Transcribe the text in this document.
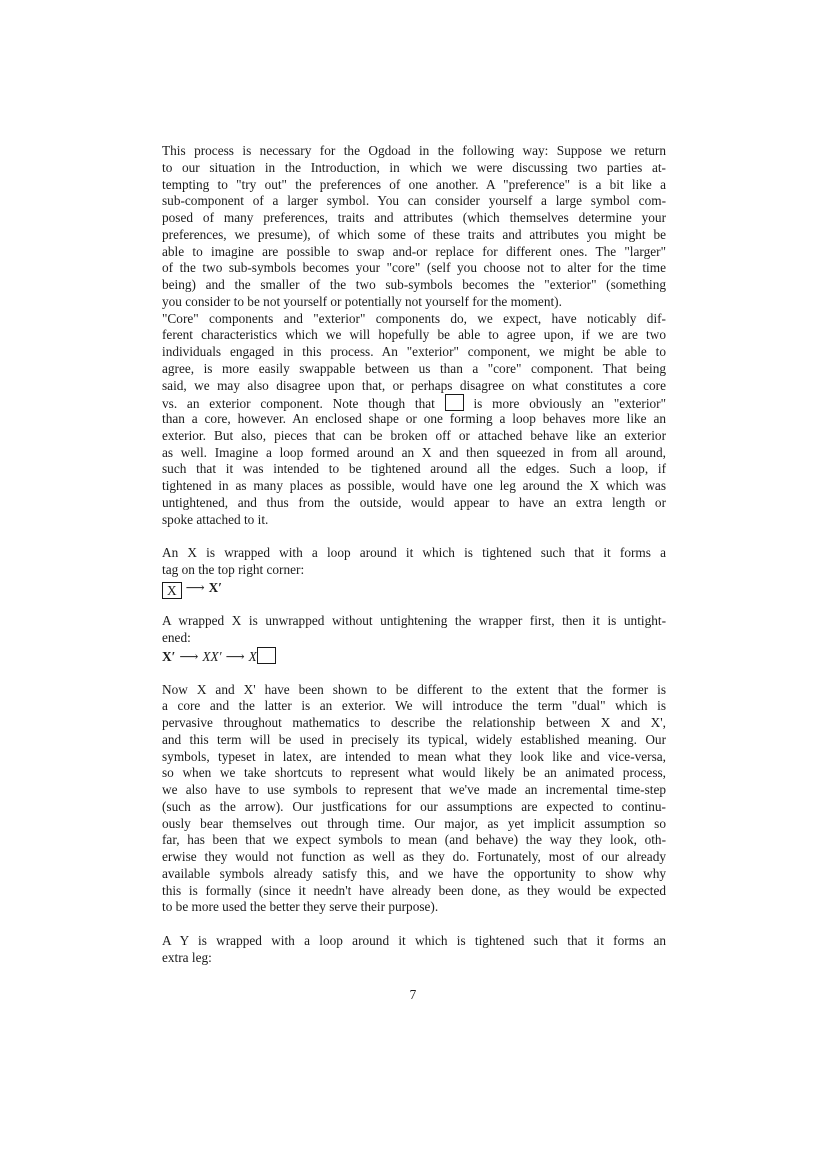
This process is necessary for the Ogdoad in the following way: Suppose we return
to our situation in the Introduction, in which we were discussing two parties at-
tempting to "try out" the preferences of one another. A "preference" is a bit like a
sub-component of a larger symbol. You can consider yourself a large symbol com-
posed of many preferences, traits and attributes (which themselves determine your
preferences, we presume), of which some of these traits and attributes you might be
able to imagine are possible to swap and-or replace for different ones. The "larger"
of the two sub-symbols becomes your "core" (self you choose not to alter for the time
being) and the smaller of the two sub-symbols becomes the "exterior" (something
you consider to be not yourself or potentially not yourself for the moment).
"Core" components and "exterior" components do, we expect, have noticably dif-
ferent characteristics which we will hopefully be able to agree upon, if we are two
individuals engaged in this process. An "exterior" component, we might be able to
agree, is more easily swappable between us than a "core" component. That being
said, we may also disagree upon that, or perhaps disagree on what constitutes a core
vs. an exterior component. Note though that	is more obviously an "exterior"
than a core, however. An enclosed shape or one forming a loop behaves more like an
exterior. But also, pieces that can be broken off or attached behave like an exterior
as well. Imagine a loop formed around an X and then squeezed in from all around,
such that it was intended to be tightened around all the edges. Such a loop, if
tightened in as many places as possible, would have one leg around the X which was
untightened, and thus from the outside, would appear to have an extra length or
spoke attached to it.
An X is wrapped with a loop around it which is tightened such that it forms a
tag on the top right corner:
X ⟶ X′
A wrapped X is unwrapped without untightening the wrapper first, then it is untight-
ened:
X′ ⟶ XX′ ⟶ X
Now X and X' have been shown to be different to the extent that the former is
a core and the latter is an exterior. We will introduce the term "dual" which is
pervasive throughout mathematics to describe the relationship between X and X',
and this term will be used in precisely its typical, widely established meaning. Our
symbols, typeset in latex, are intended to mean what they look like and vice-versa,
so when we take shortcuts to represent what would likely be an animated process,
we also have to use symbols to represent that we've made an incremental time-step
(such as the arrow). Our justfications for our assumptions are expected to continu-
ously bear themselves out through time. Our major, as yet implicit assumption so
far, has been that we expect symbols to mean (and behave) the way they look, oth-
erwise they would not function as well as they do. Fortunately, most of our already
available symbols already satisfy this, and we have the opportunity to show why
this is formally (since it needn't have already been done, as they would be expected
to be more used the better they serve their purpose).
A Y is wrapped with a loop around it which is tightened such that it forms an
extra leg:
7
